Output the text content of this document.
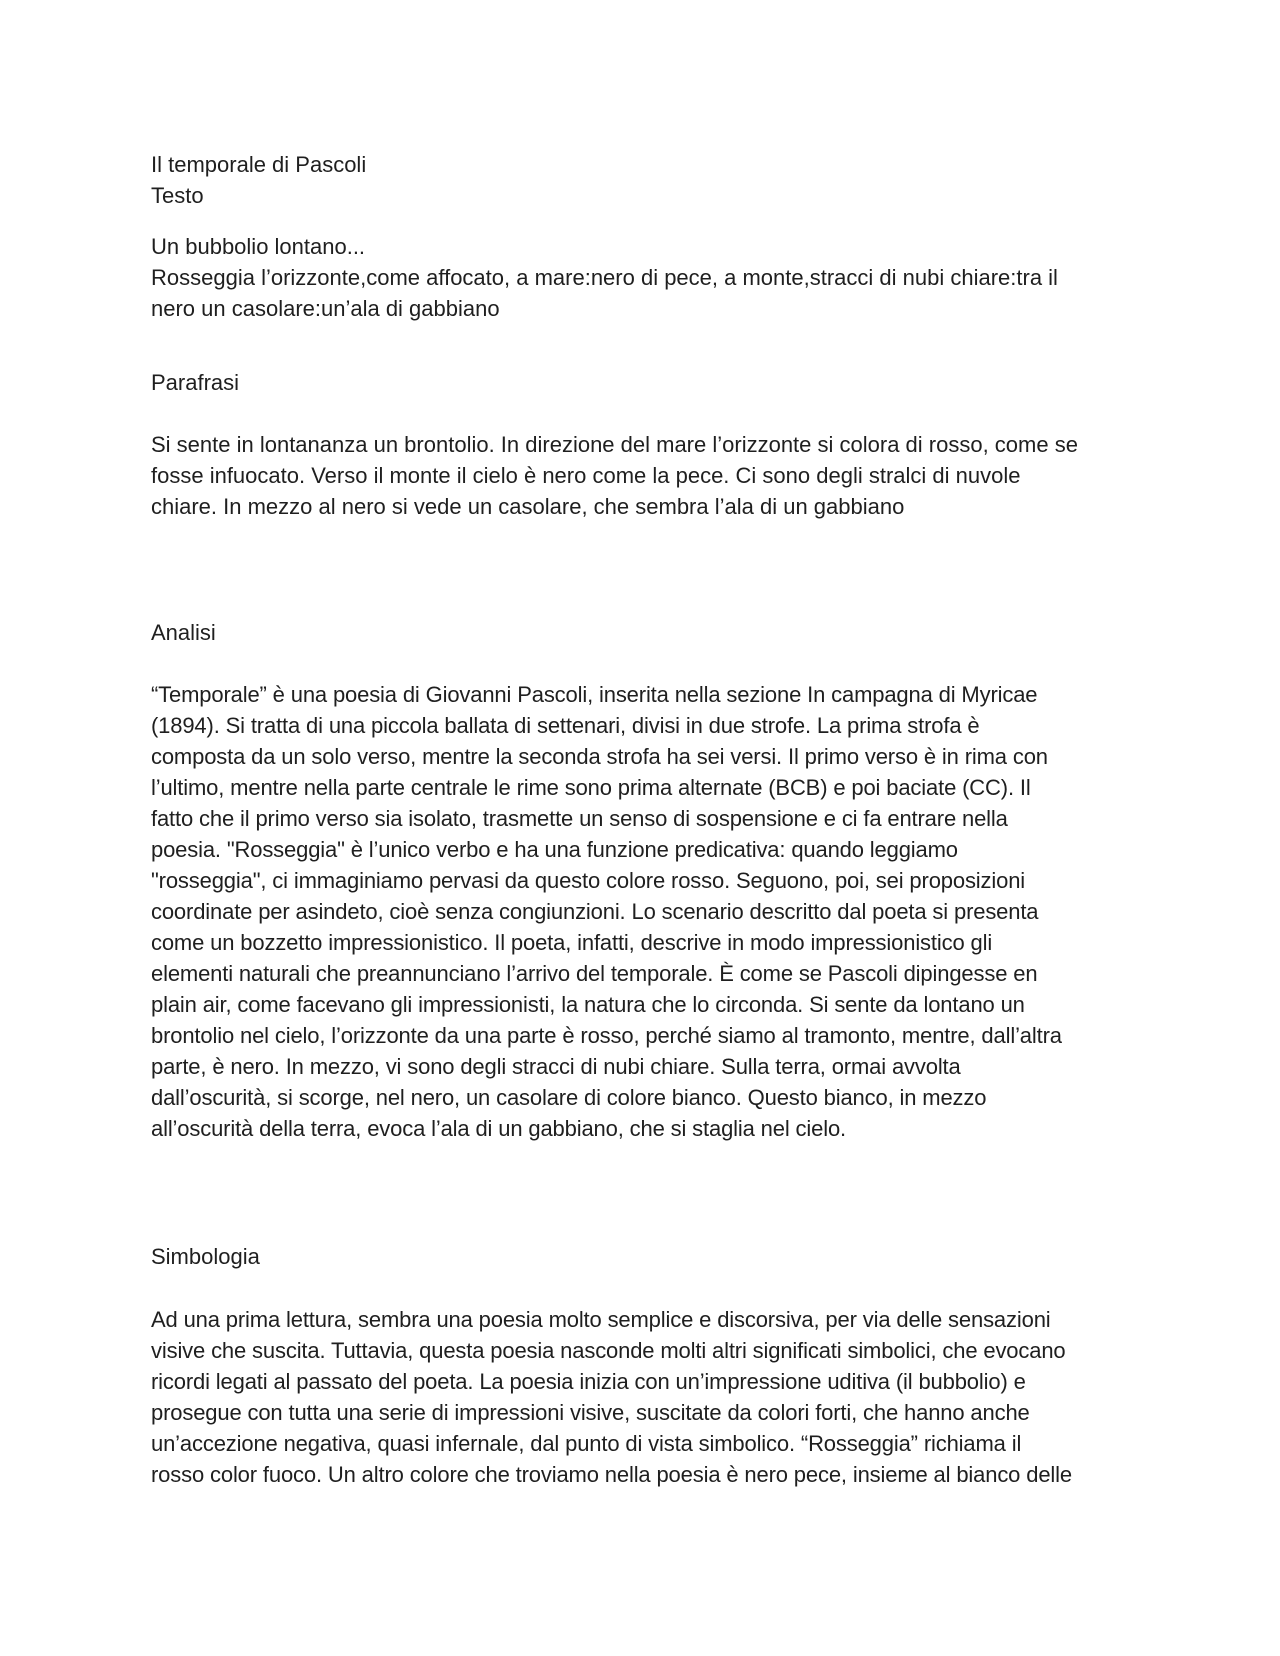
Il temporale di Pascoli
Testo
Un bubbolio lontano...
Rosseggia l’orizzonte,come affocato, a mare:nero di pece, a monte,stracci di nubi chiare:tra il
nero un casolare:un’ala di gabbiano
Parafrasi
Si sente in lontananza un brontolio. In direzione del mare l’orizzonte si colora di rosso, come se
fosse infuocato. Verso il monte il cielo è nero come la pece. Ci sono degli stralci di nuvole
chiare. In mezzo al nero si vede un casolare, che sembra l’ala di un gabbiano
Analisi
“Temporale” è una poesia di Giovanni Pascoli, inserita nella sezione In campagna di Myricae
(1894). Si tratta di una piccola ballata di settenari, divisi in due strofe. La prima strofa è
composta da un solo verso, mentre la seconda strofa ha sei versi. Il primo verso è in rima con
l’ultimo, mentre nella parte centrale le rime sono prima alternate (BCB) e poi baciate (CC). Il
fatto che il primo verso sia isolato, trasmette un senso di sospensione e ci fa entrare nella
poesia. "Rosseggia" è l’unico verbo e ha una funzione predicativa: quando leggiamo
"rosseggia", ci immaginiamo pervasi da questo colore rosso. Seguono, poi, sei proposizioni
coordinate per asindeto, cioè senza congiunzioni. Lo scenario descritto dal poeta si presenta
come un bozzetto impressionistico. Il poeta, infatti, descrive in modo impressionistico gli
elementi naturali che preannunciano l’arrivo del temporale. È come se Pascoli dipingesse en
plain air, come facevano gli impressionisti, la natura che lo circonda. Si sente da lontano un
brontolio nel cielo, l’orizzonte da una parte è rosso, perché siamo al tramonto, mentre, dall’altra
parte, è nero. In mezzo, vi sono degli stracci di nubi chiare. Sulla terra, ormai avvolta
dall’oscurità, si scorge, nel nero, un casolare di colore bianco. Questo bianco, in mezzo
all’oscurità della terra, evoca l’ala di un gabbiano, che si staglia nel cielo.
Simbologia
Ad una prima lettura, sembra una poesia molto semplice e discorsiva, per via delle sensazioni
visive che suscita. Tuttavia, questa poesia nasconde molti altri significati simbolici, che evocano
ricordi legati al passato del poeta. La poesia inizia con un’impressione uditiva (il bubbolio) e
prosegue con tutta una serie di impressioni visive, suscitate da colori forti, che hanno anche
un’accezione negativa, quasi infernale, dal punto di vista simbolico. “Rosseggia” richiama il
rosso color fuoco. Un altro colore che troviamo nella poesia è nero pece, insieme al bianco delle
